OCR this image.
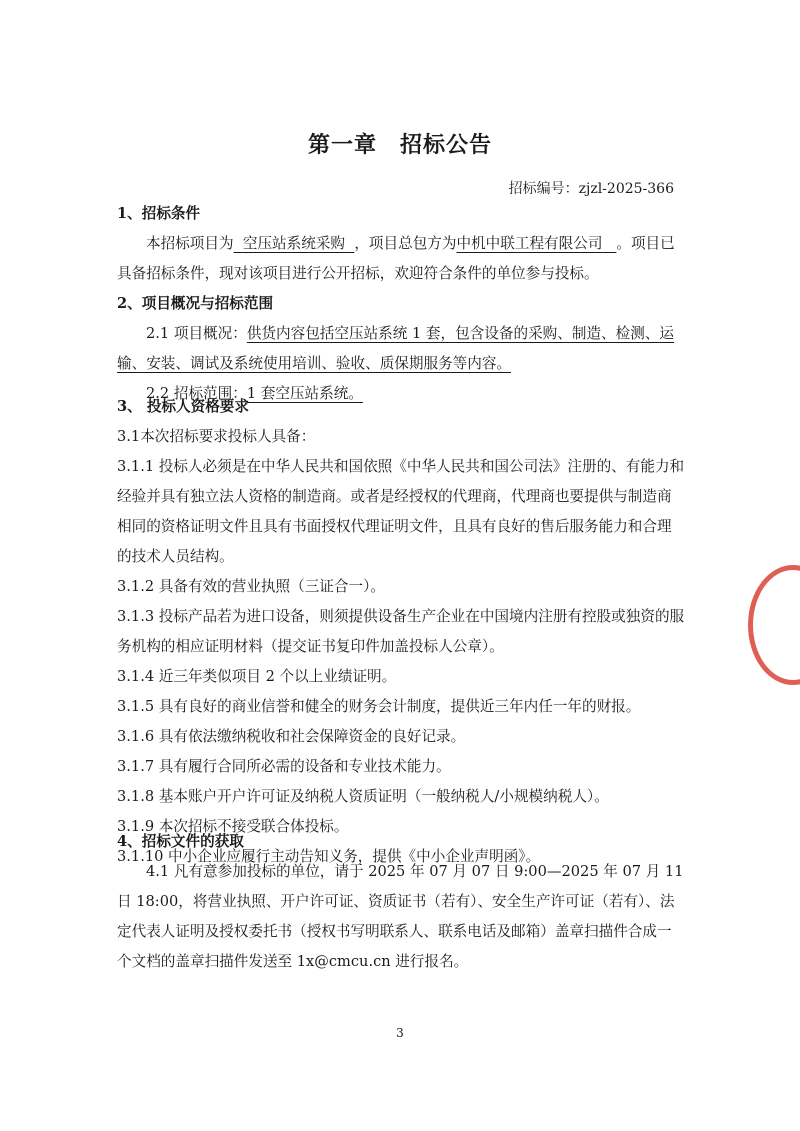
第一章　招标公告
招标编号：zjzl-2025-366

1、招标条件

本招标项目为 空压站系统采购 ，项目总包方为中机中联工程有限公司 。项目已具备招标条件，现对该项目进行公开招标，欢迎符合条件的单位参与投标。

2、项目概况与招标范围

2.1 项目概况：供货内容包括空压站系统 1 套，包含设备的采购、制造、检测、运输、安装、调试及系统使用培训、验收、质保期服务等内容。

2.2 招标范围：1 套空压站系统。

3、 投标人资格要求

3.1本次招标要求投标人具备：

3.1.1 投标人必须是在中华人民共和国依照《中华人民共和国公司法》注册的、有能力和经验并具有独立法人资格的制造商。或者是经授权的代理商，代理商也要提供与制造商相同的资格证明文件且具有书面授权代理证明文件，且具有良好的售后服务能力和合理的技术人员结构。

3.1.2 具备有效的营业执照（三证合一）。

3.1.3 投标产品若为进口设备，则须提供设备生产企业在中国境内注册有控股或独资的服务机构的相应证明材料（提交证书复印件加盖投标人公章）。

3.1.4 近三年类似项目 2 个以上业绩证明。

3.1.5 具有良好的商业信誉和健全的财务会计制度，提供近三年内任一年的财报。

3.1.6 具有依法缴纳税收和社会保障资金的良好记录。

3.1.7 具有履行合同所必需的设备和专业技术能力。

3.1.8 基本账户开户许可证及纳税人资质证明（一般纳税人/小规模纳税人）。

3.1.9 本次招标不接受联合体投标。

3.1.10 中小企业应履行主动告知义务，提供《中小企业声明函》。

4、招标文件的获取

4.1 凡有意参加投标的单位，请于 2025 年 07 月 07 日 9:00—2025 年 07 月 11 日 18:00，将营业执照、开户许可证、资质证书（若有）、安全生产许可证（若有）、法定代表人证明及授权委托书（授权书写明联系人、联系电话及邮箱）盖章扫描件合成一个文档的盖章扫描件发送至 1x@cmcu.cn 进行报名。

3
